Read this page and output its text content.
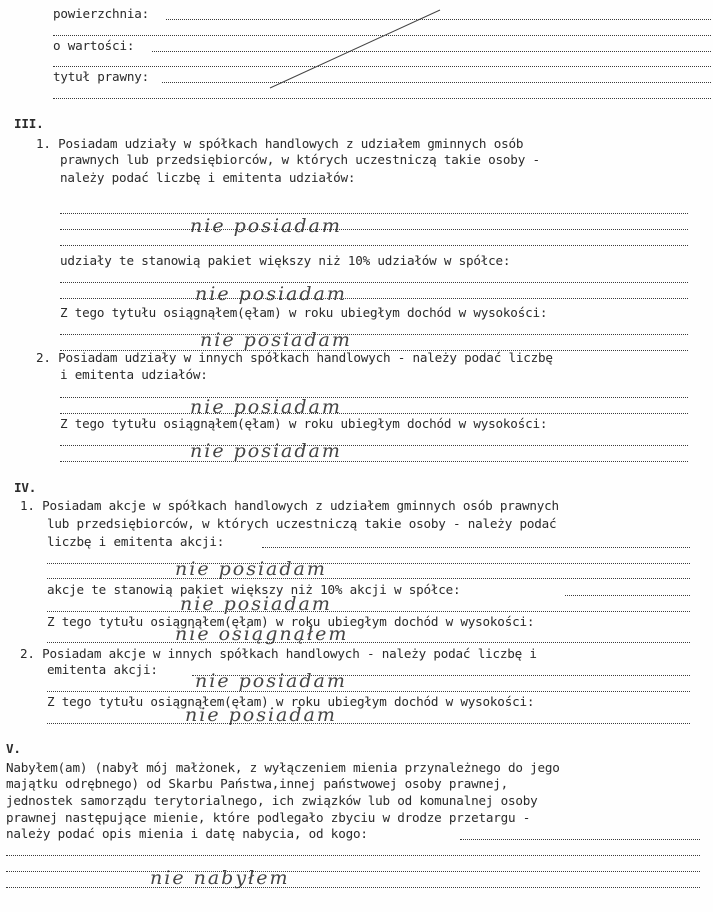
powierzchnia:
o wartości:
tytuł prawny:
III.
1. Posiadam udziały w spółkach handlowych z udziałem gminnych osób
prawnych lub przedsiębiorców, w których uczestniczą takie osoby -
należy podać liczbę i emitenta udziałów:
nie posiadam
udziały te stanowią pakiet większy niż 10% udziałów w spółce:
nie posiadam
Z tego tytułu osiągnąłem(ęłam) w roku ubiegłym dochód w wysokości:
nie posiadam
2. Posiadam udziały w innych spółkach handlowych - należy podać liczbę
i emitenta udziałów:
nie posiadam
Z tego tytułu osiągnąłem(ęłam) w roku ubiegłym dochód w wysokości:
nie posiadam
IV.
1. Posiadam akcje w spółkach handlowych z udziałem gminnych osób prawnych
lub przedsiębiorców, w których uczestniczą takie osoby - należy podać
liczbę i emitenta akcji:
nie posiadam
akcje te stanowią pakiet większy niż 10% akcji w spółce:
nie posiadam
Z tego tytułu osiągnąłem(ęłam) w roku ubiegłym dochód w wysokości:
nie osiągnąłem
2. Posiadam akcje w innych spółkach handlowych - należy podać liczbę i
emitenta akcji:
nie posiadam
Z tego tytułu osiągnąłem(ęłam) w roku ubiegłym dochód w wysokości:
nie posiadam
V.
Nabyłem(am) (nabył mój małżonek, z wyłączeniem mienia przynależnego do jego
majątku odrębnego) od Skarbu Państwa,innej państwowej osoby prawnej,
jednostek samorządu terytorialnego, ich związków lub od komunalnej osoby
prawnej następujące mienie, które podlegało zbyciu w drodze przetargu -
należy podać opis mienia i datę nabycia, od kogo:
nie nabyłem
